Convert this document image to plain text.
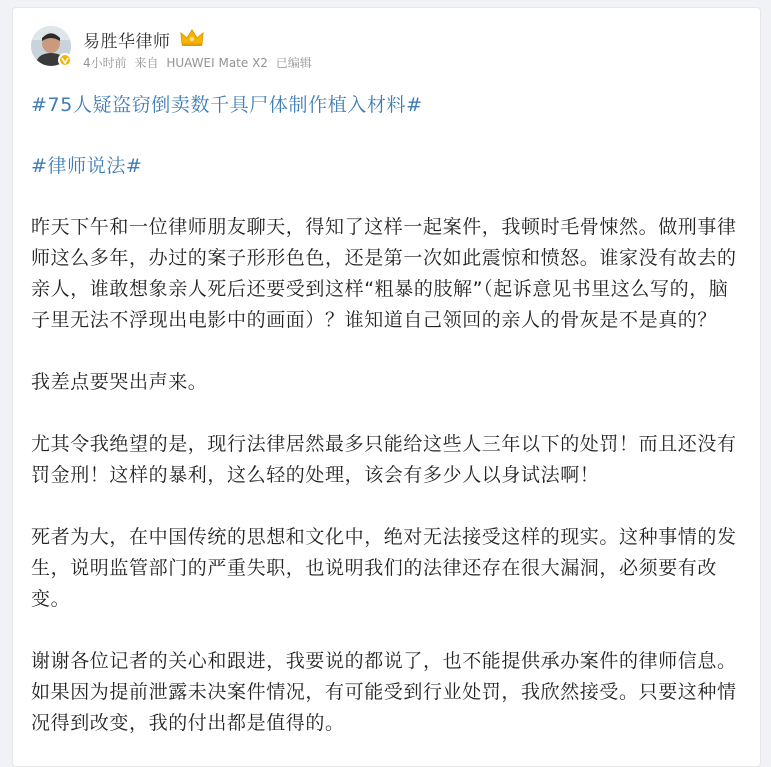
易胜华律师
4小时前 来自 HUAWEI Mate X2 已编辑

#75人疑盗窃倒卖数千具尸体制作植入材料#

#律师说法#

昨天下午和一位律师朋友聊天，得知了这样一起案件，我顿时毛骨悚然。做刑事律师这么多年，办过的案子形形色色，还是第一次如此震惊和愤怒。谁家没有故去的亲人，谁敢想象亲人死后还要受到这样“粗暴的肢解”（起诉意见书里这么写的，脑子里无法不浮现出电影中的画面）？谁知道自己领回的亲人的骨灰是不是真的？

我差点要哭出声来。

尤其令我绝望的是，现行法律居然最多只能给这些人三年以下的处罚！而且还没有罚金刑！这样的暴利，这么轻的处理，该会有多少人以身试法啊！

死者为大，在中国传统的思想和文化中，绝对无法接受这样的现实。这种事情的发生，说明监管部门的严重失职，也说明我们的法律还存在很大漏洞，必须要有改变。

谢谢各位记者的关心和跟进，我要说的都说了，也不能提供承办案件的律师信息。如果因为提前泄露未决案件情况，有可能受到行业处罚，我欣然接受。只要这种情况得到改变，我的付出都是值得的。
